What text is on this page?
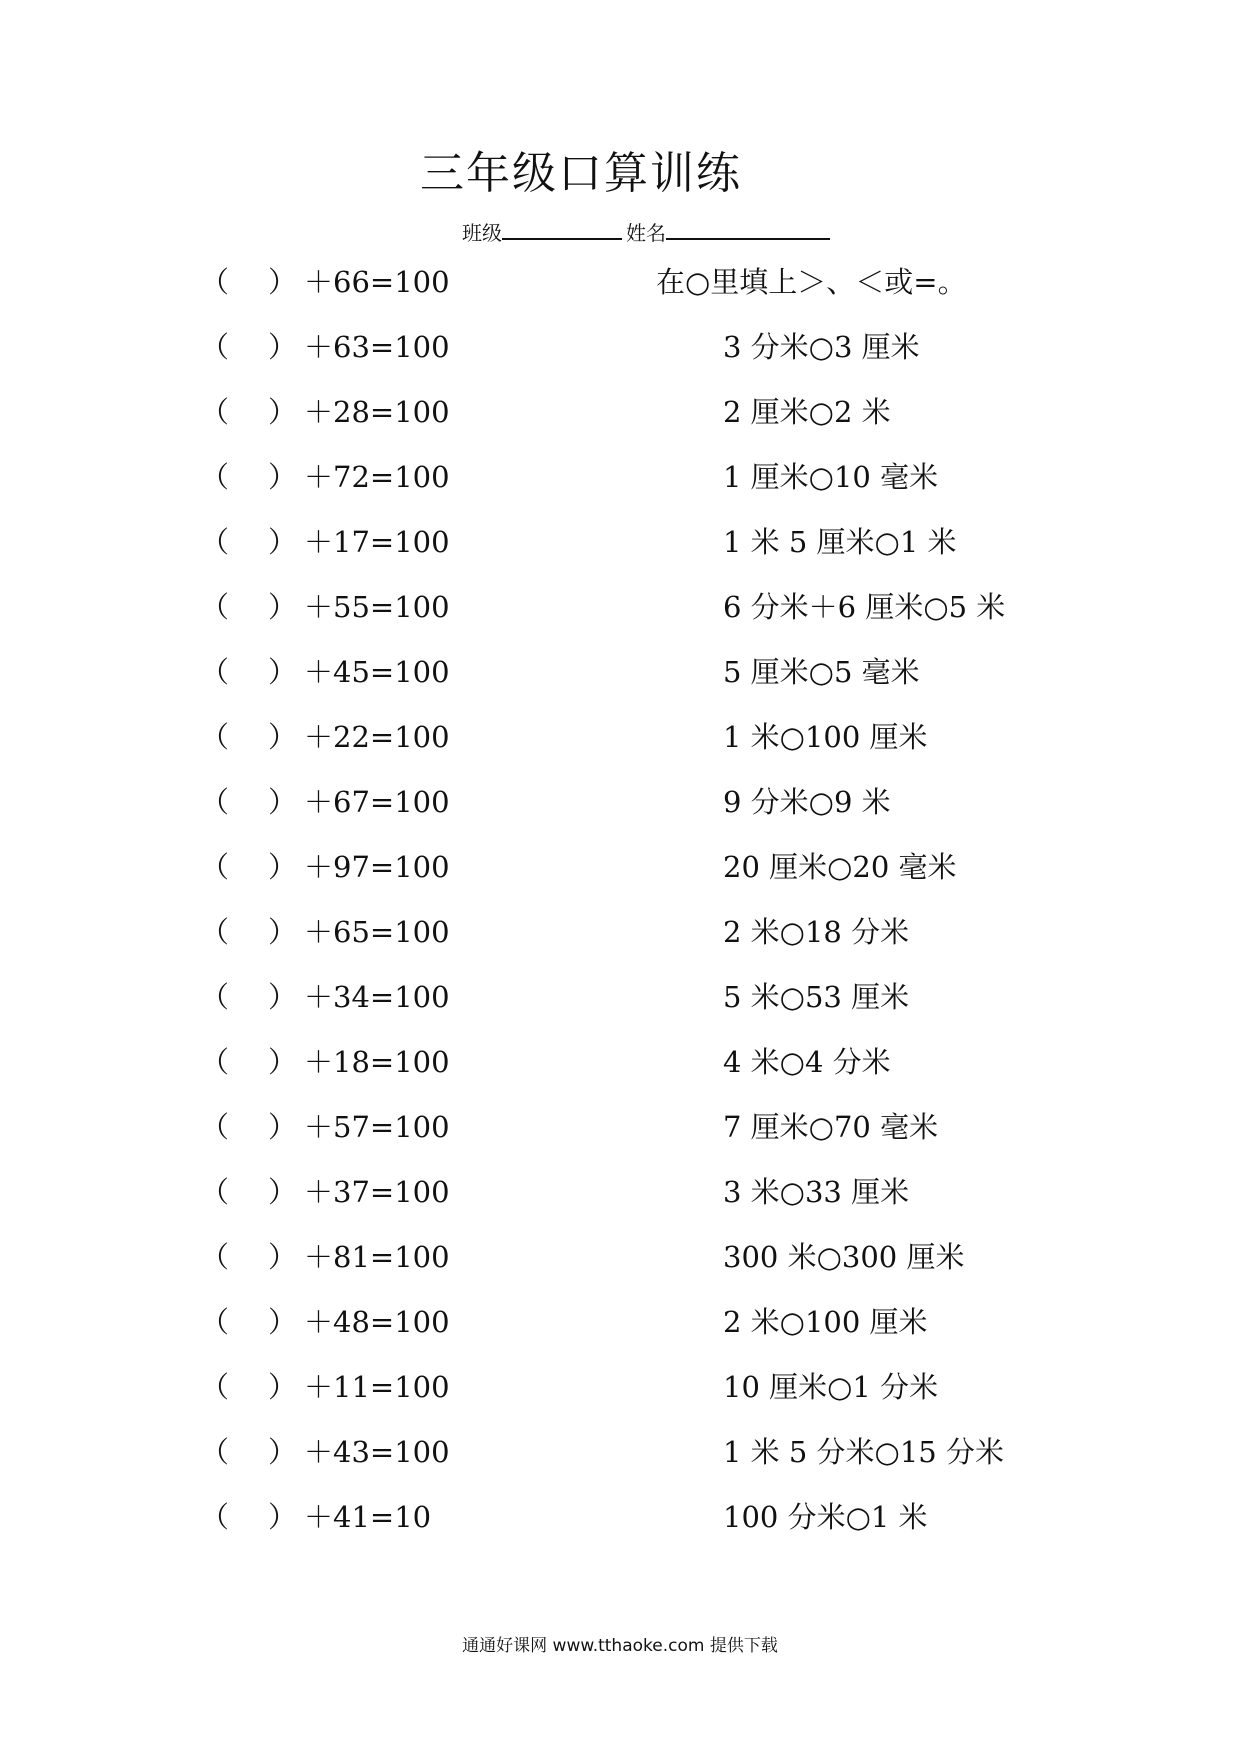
三年级口算训练
班级	姓名
（ ） ＋66=100
（ ） ＋63=100
（ ） ＋28=100
（ ） ＋72=100
（ ） ＋17=100
（ ） ＋55=100
（ ） ＋45=100
（ ） ＋22=100
（ ） ＋67=100
（ ） ＋97=100
（ ） ＋65=100
（ ） ＋34=100
（ ） ＋18=100
（ ） ＋57=100
（ ） ＋37=100
（ ） ＋81=100
（ ） ＋48=100
（ ） ＋11=100
（ ） ＋43=100
（ ） ＋41=10
在○里填上＞、＜或=。
3 分米○3 厘米
2 厘米○2 米
1 厘米○10 毫米
1 米 5 厘米○1 米
6 分米＋6 厘米○5 米
5 厘米○5 毫米
1 米○100 厘米
9 分米○9 米
20 厘米○20 毫米
2 米○18 分米
5 米○53 厘米
4 米○4 分米
7 厘米○70 毫米
3 米○33 厘米
300 米○300 厘米
2 米○100 厘米
10 厘米○1 分米
1 米 5 分米○15 分米
100 分米○1 米
通通好课网 www.tthaoke.com 提供下载
